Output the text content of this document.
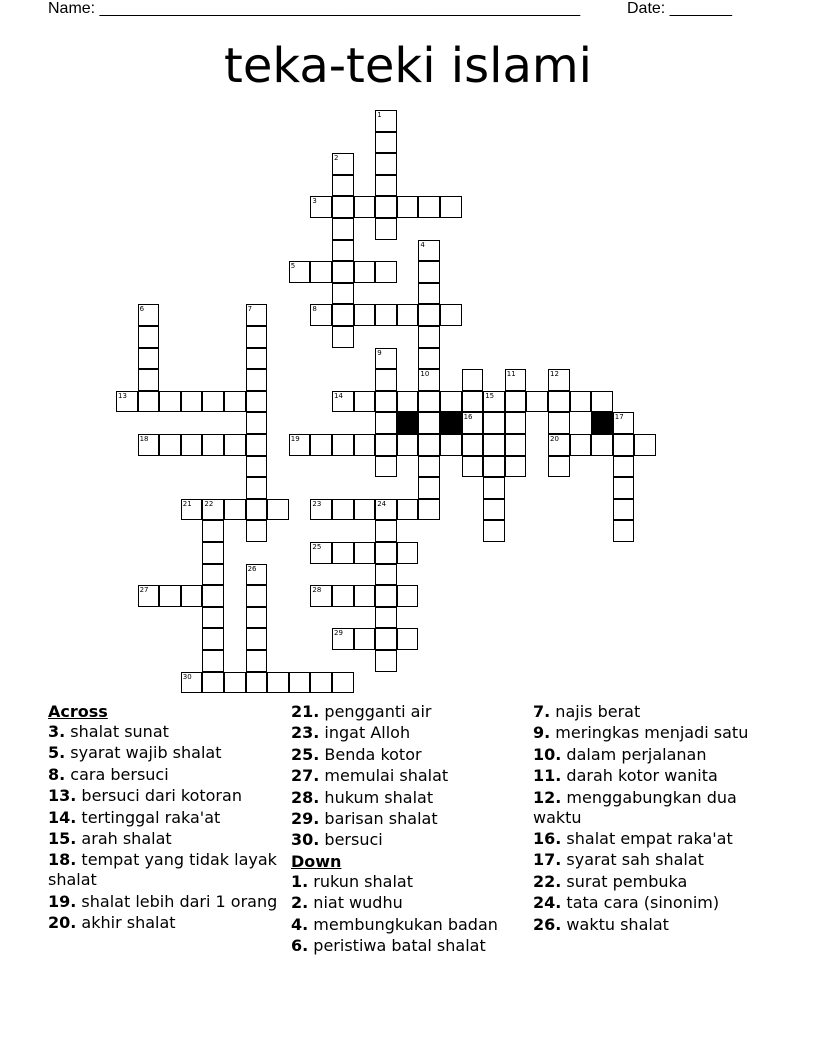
Name: ______________________________________________________	Date: _______
teka-teki islami
1
2
4
6	7
9
10
16
11	12
20
17
22	24
26
3
5
8
13	14	15
18	19
21	23
25
27	28
29
30
Across
3. shalat sunat
5. syarat wajib shalat
8. cara bersuci
13. bersuci dari kotoran
14. tertinggal raka'at
15. arah shalat
18. tempat yang tidak layak shalat
19. shalat lebih dari 1 orang
20. akhir shalat
21. pengganti air
23. ingat Alloh
25. Benda kotor
27. memulai shalat
28. hukum shalat
29. barisan shalat
30. bersuci
Down
1. rukun shalat
2. niat wudhu
4. membungkukan badan
6. peristiwa batal shalat
7. najis berat
9. meringkas menjadi satu
10. dalam perjalanan
11. darah kotor wanita
12. menggabungkan dua waktu
16. shalat empat raka'at
17. syarat sah shalat
22. surat pembuka
24. tata cara (sinonim)
26. waktu shalat
